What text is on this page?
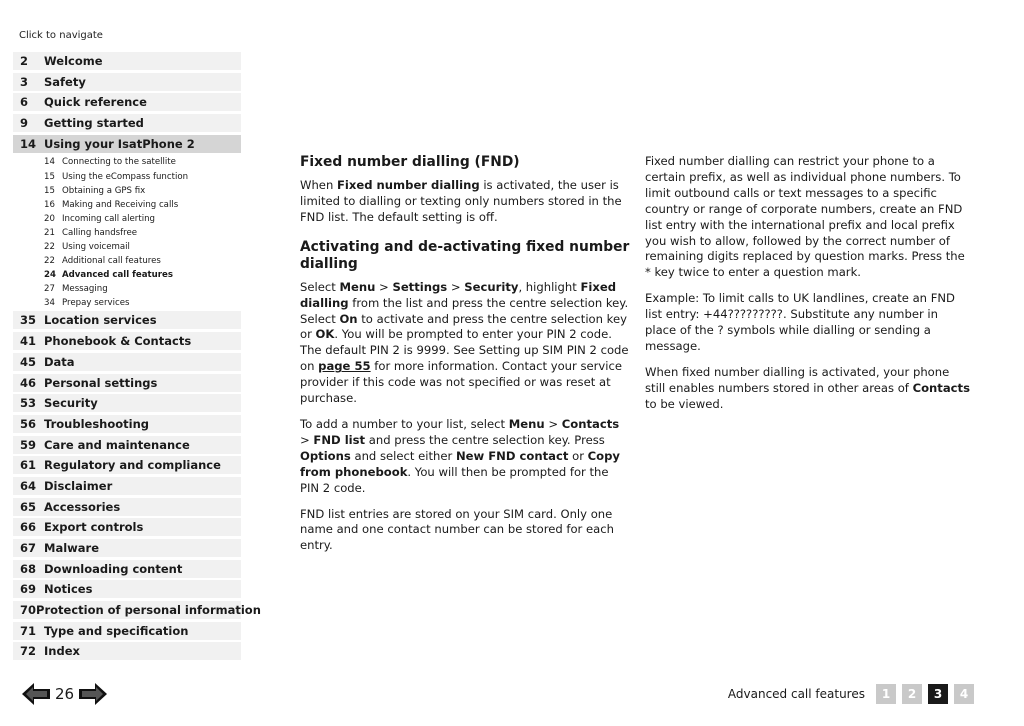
Click to navigate
2	Welcome
3	Safety
6	Quick reference
9	Getting started
14 Using your IsatPhone 2
14 Connecting to the satellite
15 Using the eCompass function
15 Obtaining a GPS fix
16 Making and Receiving calls
20 Incoming call alerting
21 Calling handsfree
22 Using voicemail
22 Additional call features
24 Advanced call features
27 Messaging
34 Prepay services
35 Location services
41 Phonebook & Contacts
45 Data
46 Personal settings
53 Security
56 Troubleshooting
59 Care and maintenance
61 Regulatory and compliance
64 Disclaimer
65 Accessories
66 Export controls
67 Malware
68 Downloading content
69 Notices
70 Protection of personal information
71 Type and specification
72 Index
Fixed number dialling (FND)

When Fixed number dialling is activated, the user is limited to dialling or texting only numbers stored in the FND list. The default setting is off.

Activating and de-activating fixed number dialling

Select Menu > Settings > Security, highlight Fixed dialling from the list and press the centre selection key. Select On to activate and press the centre selection key or OK. You will be prompted to enter your PIN 2 code. The default PIN 2 is 9999. See Setting up SIM PIN 2 code on page 55 for more information. Contact your service provider if this code was not specified or was reset at purchase.

To add a number to your list, select Menu > Contacts > FND list and press the centre selection key. Press Options and select either New FND contact or Copy from phonebook. You will then be prompted for the PIN 2 code.

FND list entries are stored on your SIM card. Only one name and one contact number can be stored for each entry.

Fixed number dialling can restrict your phone to a certain prefix, as well as individual phone numbers. To limit outbound calls or text messages to a specific country or range of corporate numbers, create an FND list entry with the international prefix and local prefix you wish to allow, followed by the correct number of remaining digits replaced by question marks. Press the * key twice to enter a question mark.

Example: To limit calls to UK landlines, create an FND list entry: +44?????????. Substitute any number in place of the ? symbols while dialling or sending a message.

When fixed number dialling is activated, your phone still enables numbers stored in other areas of Contacts to be viewed.

26	Advanced call features	1	2	3	4
